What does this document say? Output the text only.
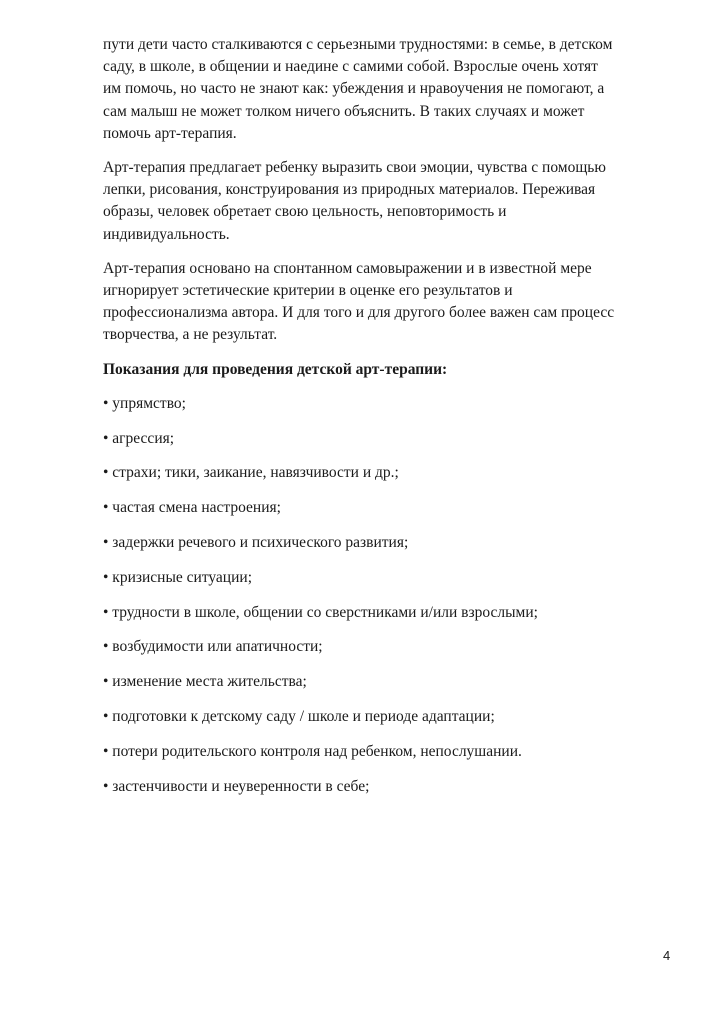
пути дети часто сталкиваются с серьезными трудностями: в семье, в детском
саду, в школе, в общении и наедине с самими собой. Взрослые очень хотят
им помочь, но часто не знают как: убеждения и нравоучения не помогают, а
сам малыш не может толком ничего объяснить. В таких случаях и может
помочь арт-терапия.

Арт-терапия предлагает ребенку выразить свои эмоции, чувства с помощью
лепки, рисования, конструирования из природных материалов. Переживая
образы, человек обретает свою цельность, неповторимость и
индивидуальность.

Арт-терапия основано на спонтанном самовыражении и в известной мере
игнорирует эстетические критерии в оценке его результатов и
профессионализма автора. И для того и для другого более важен сам процесс
творчества, а не результат.

Показания для проведения детской арт-терапии:

• упрямство;
• агрессия;
• страхи; тики, заикание, навязчивости и др.;
• частая смена настроения;
• задержки речевого и психического развития;
• кризисные ситуации;
• трудности в школе, общении со сверстниками и/или взрослыми;
• возбудимости или апатичности;
• изменение места жительства;
• подготовки к детскому саду / школе и периоде адаптации;
• потери родительского контроля над ребенком, непослушании.
• застенчивости и неуверенности в себе;
4
